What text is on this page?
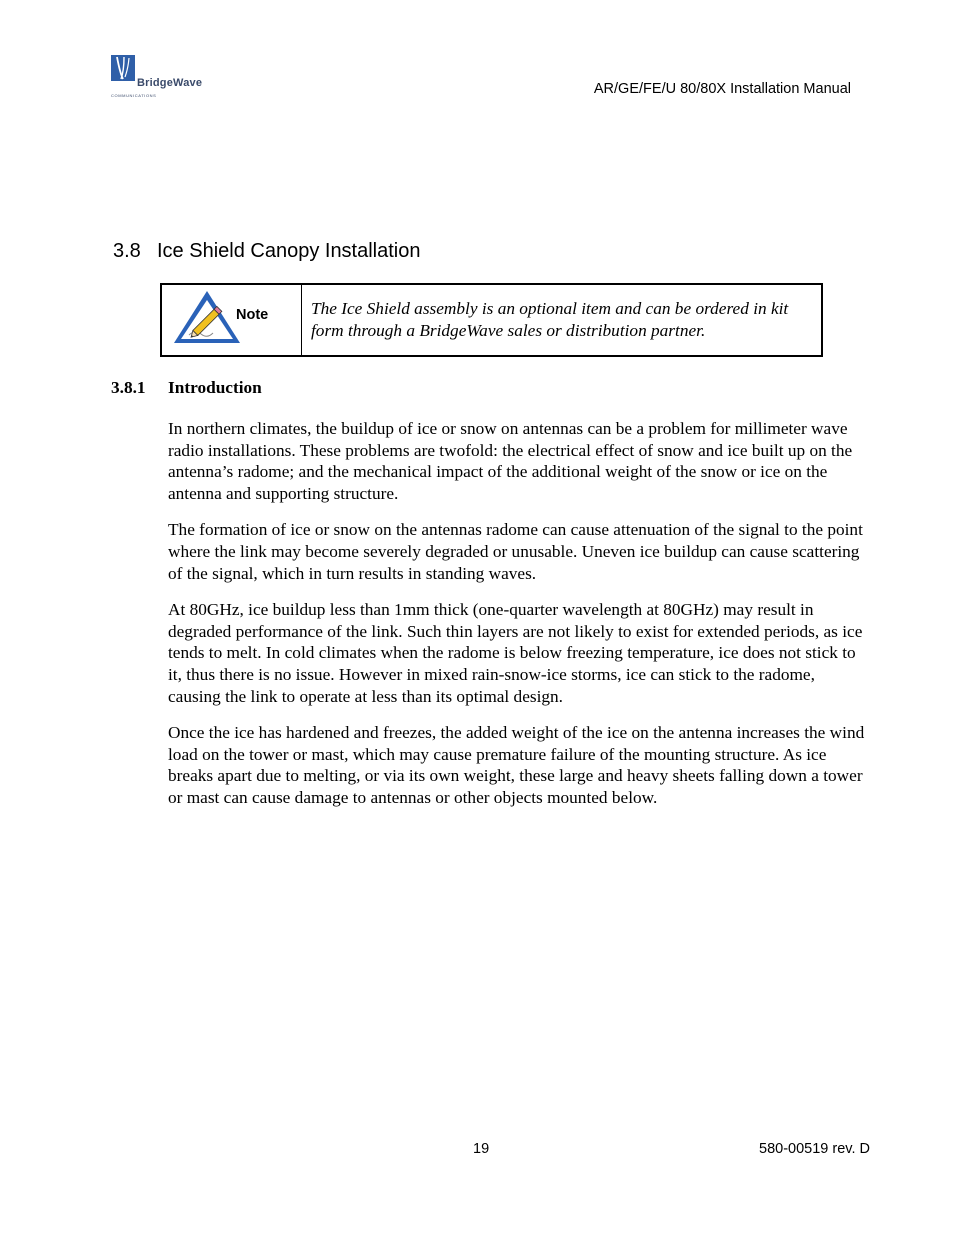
BridgeWave
COMMUNICATIONS	AR/GE/FE/U 80/80X Installation Manual
3.8 Ice Shield Canopy Installation
Note	The Ice Shield assembly is an optional item and can be ordered in kit form through a BridgeWave sales or distribution partner.
3.8.1 Introduction

In northern climates, the buildup of ice or snow on antennas can be a problem for millimeter wave radio installations. These problems are twofold: the electrical effect of snow and ice built up on the antenna’s radome; and the mechanical impact of the additional weight of the snow or ice on the antenna and supporting structure.

The formation of ice or snow on the antennas radome can cause attenuation of the signal to the point where the link may become severely degraded or unusable. Uneven ice buildup can cause scattering of the signal, which in turn results in standing waves.

At 80GHz, ice buildup less than 1mm thick (one-quarter wavelength at 80GHz) may result in degraded performance of the link. Such thin layers are not likely to exist for extended periods, as ice tends to melt. In cold climates when the radome is below freezing temperature, ice does not stick to it, thus there is no issue. However in mixed rain-snow-ice storms, ice can stick to the radome, causing the link to operate at less than its optimal design.

Once the ice has hardened and freezes, the added weight of the ice on the antenna increases the wind load on the tower or mast, which may cause premature failure of the mounting structure. As ice breaks apart due to melting, or via its own weight, these large and heavy sheets falling down a tower or mast can cause damage to antennas or other objects mounted below.

19	580-00519 rev. D
